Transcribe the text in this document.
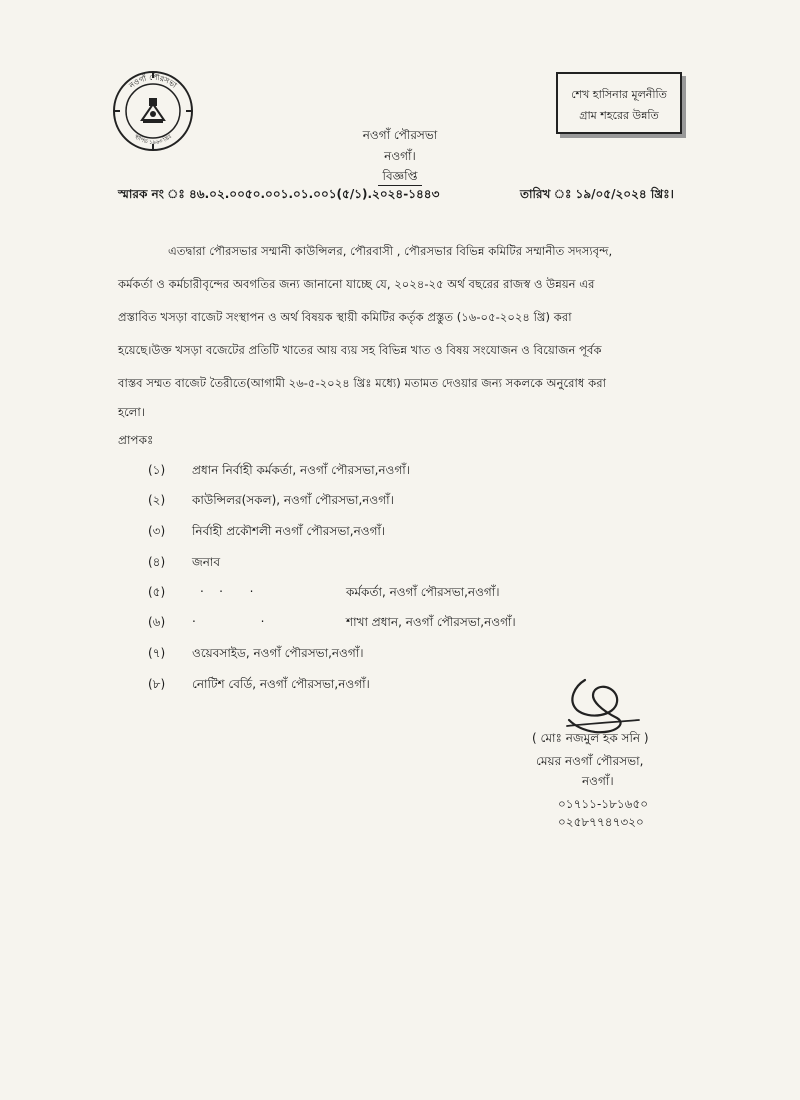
নওগাঁ পৌরসভা
স্থাপিত ১৯৬৩ খ্রিঃ
শেখ হাসিনার মূলনীতি
গ্রাম শহরের উন্নতি
নওগাঁ পৌরসভা
নওগাঁ।
বিজ্ঞপ্তি
স্মারক নং ঃ ৪৬.০২.০০৫০.০০১.০১.০০১(৫/১).২০২৪-১৪৪৩	তারিখ ঃ ১৯/০৫/২০২৪ খ্রিঃ।
এতদ্বারা পৌরসভার সম্মানী কাউন্সিলর, পৌরবাসী , পৌরসভার বিভিন্ন কমিটির সম্মানীত সদস্যবৃন্দ,
কর্মকর্তা ও কর্মচারীবৃন্দের অবগতির জন্য জানানো যাচ্ছে যে, ২০২৪-২৫ অর্থ বছরের রাজস্ব ও উন্নয়ন এর
প্রস্তাবিত খসড়া বাজেট সংস্থাপন ও অর্থ বিষয়ক স্থায়ী কমিটির কর্তৃক প্রস্তুত (১৬-০৫-২০২৪ খ্রি) করা
হয়েছে।উক্ত খসড়া বজেটের প্রতিটি খাতের আয় ব্যয় সহ বিভিন্ন খাত ও বিষয় সংযোজন ও বিয়োজন পূর্বক
বাস্তব সম্মত বাজেট তৈরীতে(আগামী ২৬-৫-২০২৪ খ্রিঃ মধ্যে) মতামত দেওয়ার জন্য সকলকে অনুরোধ করা
হলো।
প্রাপকঃ
(১) প্রধান নির্বাহী কর্মকর্তা, নওগাঁ পৌরসভা,নওগাঁ।
(২) কাউন্সিলর(সকল), নওগাঁ পৌরসভা,নওগাঁ।
(৩) নির্বাহী প্রকৌশলী নওগাঁ পৌরসভা,নওগাঁ।
(৪) জনাব
(৫)	.    .       .	কর্মকর্তা, নওগাঁ পৌরসভা,নওগাঁ।
(৬) .                 .	শাখা প্রধান, নওগাঁ পৌরসভা,নওগাঁ।
(৭) ওয়েবসাইড, নওগাঁ পৌরসভা,নওগাঁ।
(৮) নোটিশ বের্ডি, নওগাঁ পৌরসভা,নওগাঁ।
( মোঃ নজমুল হক সনি )
মেয়র নওগাঁ পৌরসভা,
নওগাঁ।
০১৭১১-১৮১৬৫০
০২৫৮৭৭৪৭৩২০
